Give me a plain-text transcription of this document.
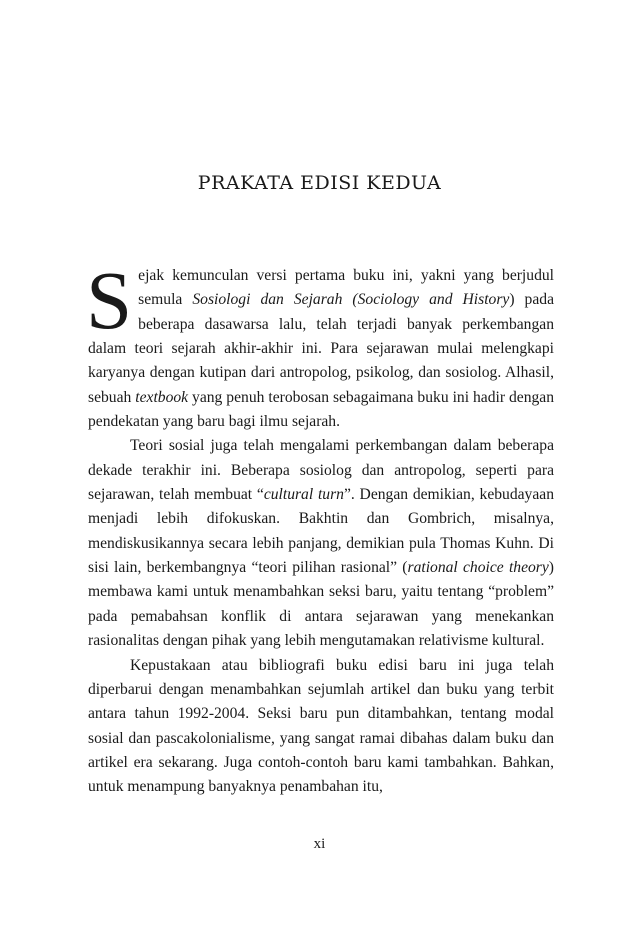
PRAKATA EDISI KEDUA

Sejak kemunculan versi pertama buku ini, yakni yang berjudul semula Sosiologi dan Sejarah (Sociology and History) pada beberapa dasawarsa lalu, telah terjadi banyak perkembangan dalam teori sejarah akhir-akhir ini. Para sejarawan mulai melengkapi karyanya dengan kutipan dari antropolog, psikolog, dan sosiolog. Alhasil, sebuah textbook yang penuh terobosan sebagaimana buku ini hadir dengan pendekatan yang baru bagi ilmu sejarah.

Teori sosial juga telah mengalami perkembangan dalam beberapa dekade terakhir ini. Beberapa sosiolog dan antropolog, seperti para sejarawan, telah membuat “cultural turn”. Dengan demikian, kebudayaan menjadi lebih difokuskan. Bakhtin dan Gombrich, misalnya, mendiskusikannya secara lebih panjang, demikian pula Thomas Kuhn. Di sisi lain, berkembangnya “teori pilihan rasional” (rational choice theory) membawa kami untuk menambahkan seksi baru, yaitu tentang “problem” pada pemabahsan konflik di antara sejarawan yang menekankan rasionalitas dengan pihak yang lebih mengutamakan relativisme kultural.

Kepustakaan atau bibliografi buku edisi baru ini juga telah diperbarui dengan menambahkan sejumlah artikel dan buku yang terbit antara tahun 1992-2004. Seksi baru pun ditambahkan, tentang modal sosial dan pascakolonialisme, yang sangat ramai dibahas dalam buku dan artikel era sekarang. Juga contoh-contoh baru kami tambahkan. Bahkan, untuk menampung banyaknya penambahan itu,

xi
